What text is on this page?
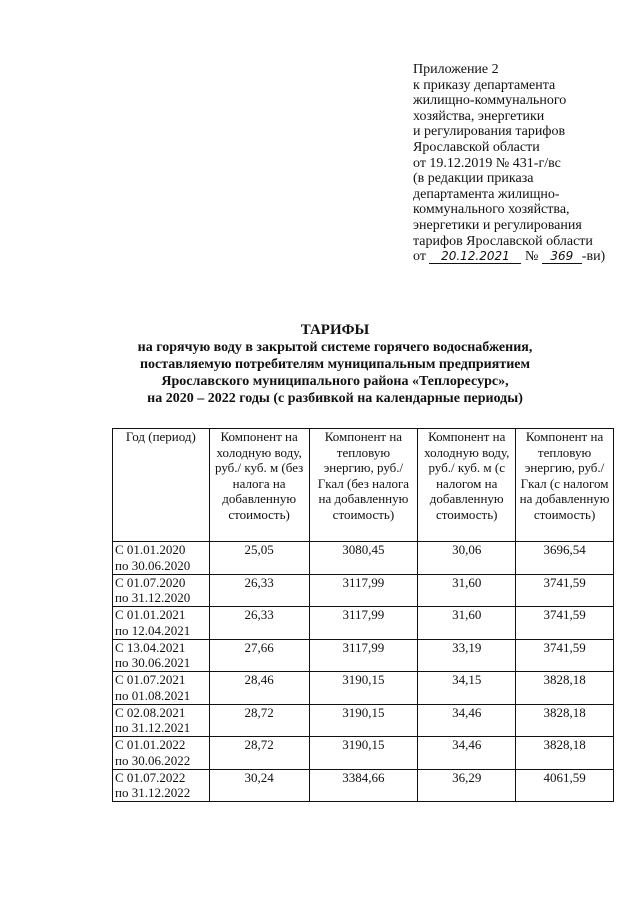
Приложение 2
к приказу департамента
жилищно-коммунального
хозяйства, энергетики
и регулирования тарифов
Ярославской области
от 19.12.2019 № 431-г/вс
(в редакции приказа
департамента жилищно-
коммунального хозяйства,
энергетики и регулирования
тарифов Ярославской области
от 20.12.2021 № 369 -ви)
ТАРИФЫ
на горячую воду в закрытой системе горячего водоснабжения,
поставляемую потребителям муниципальным предприятием
Ярославского муниципального района «Теплоресурс»,
на 2020 – 2022 годы (с разбивкой на календарные периоды)
Год (период)	Компонент на холодную воду, руб./ куб. м (без налога на добавленную стоимость)	Компонент на тепловую энергию, руб./Гкал (без налога на добавленную стоимость)	Компонент на холодную воду, руб./ куб. м (с налогом на добавленную стоимость)	Компонент на тепловую энергию, руб./Гкал (с налогом на добавленную стоимость)

С 01.01.2020
по 30.06.2020	25,05	3080,45	30,06	3696,54

С 01.07.2020
по 31.12.2020	26,33	3117,99	31,60	3741,59

С 01.01.2021
по 12.04.2021	26,33	3117,99	31,60	3741,59

С 13.04.2021
по 30.06.2021	27,66	3117,99	33,19	3741,59

С 01.07.2021
по 01.08.2021	28,46	3190,15	34,15	3828,18

С 02.08.2021
по 31.12.2021	28,72	3190,15	34,46	3828,18

С 01.01.2022
по 30.06.2022	28,72	3190,15	34,46	3828,18

С 01.07.2022
по 31.12.2022	30,24	3384,66	36,29	4061,59
